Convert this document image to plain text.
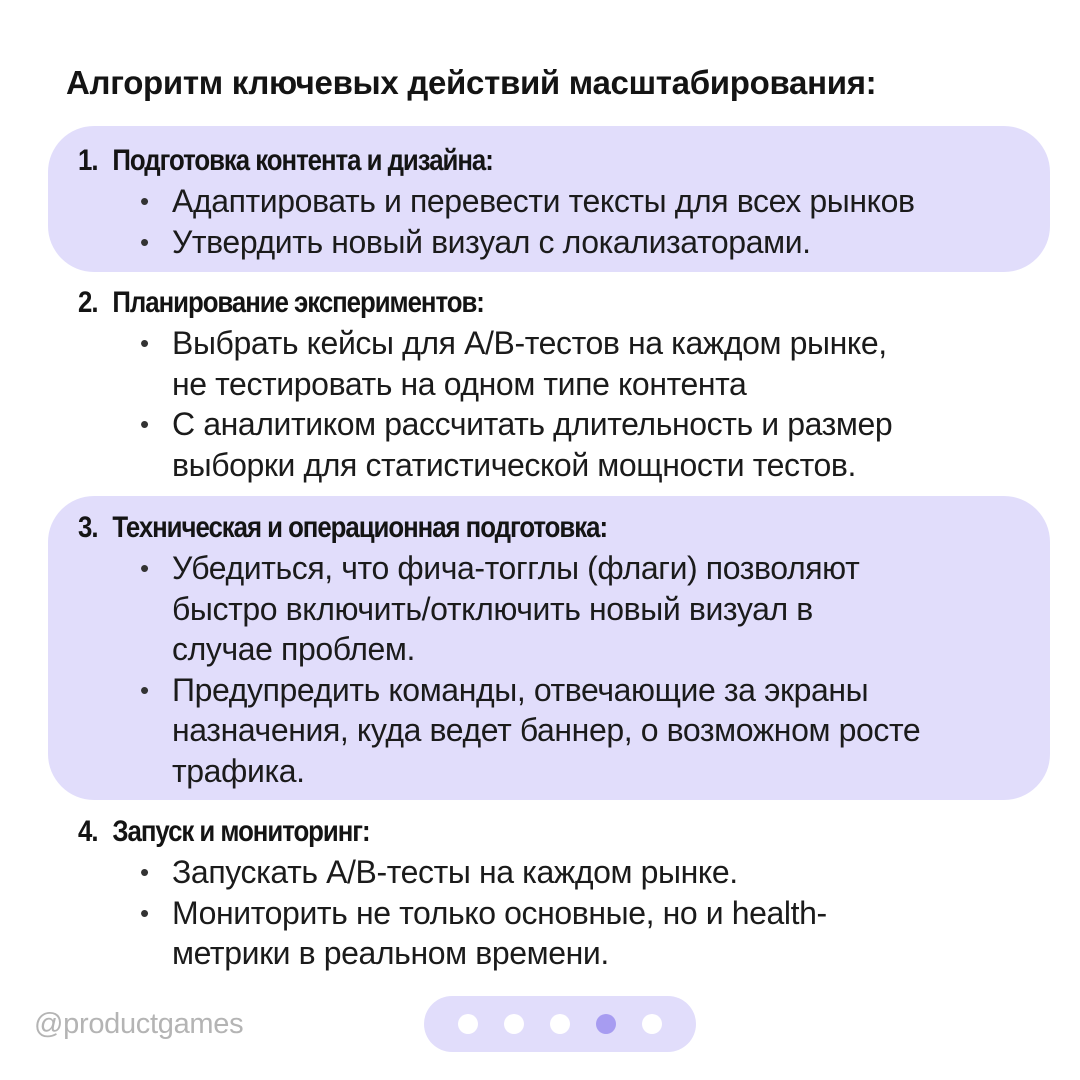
Алгоритм ключевых действий масштабирования:
1. Подготовка контента и дизайна:
• Адаптировать и перевести тексты для всех рынков
• Утвердить новый визуал с локализаторами.
2. Планирование экспериментов:
• Выбрать кейсы для A/B-тестов на каждом рынке,
не тестировать на одном типе контента
• С аналитиком рассчитать длительность и размер
выборки для статистической мощности тестов.
3. Техническая и операционная подготовка:
• Убедиться, что фича-тогглы (флаги) позволяют
быстро включить/отключить новый визуал в
случае проблем.
• Предупредить команды, отвечающие за экраны
назначения, куда ведет баннер, о возможном росте
трафика.
4. Запуск и мониторинг:
• Запускать A/B-тесты на каждом рынке.
• Мониторить не только основные, но и health-
метрики в реальном времени.
@productgames
